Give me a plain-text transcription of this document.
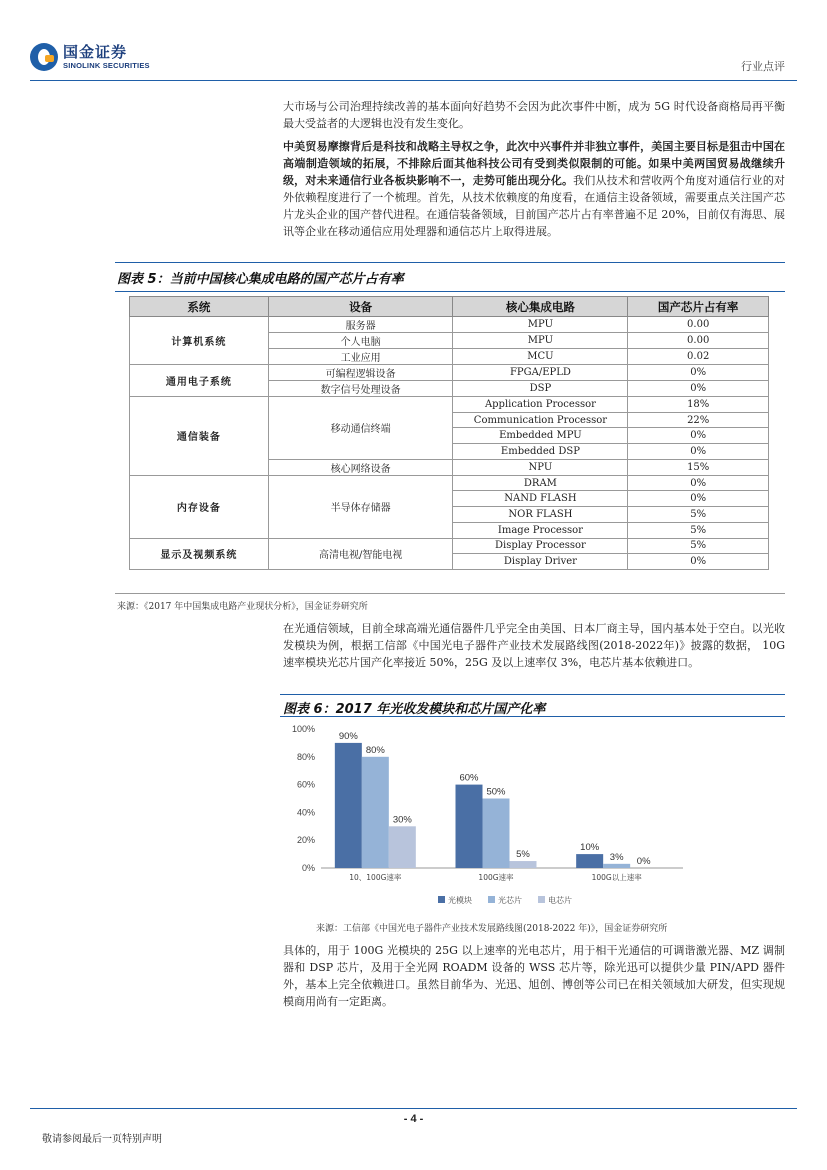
国金证券
SINOLINK SECURITIES	行业点评

大市场与公司治理持续改善的基本面向好趋势不会因为此次事件中断，成为 5G 时代设备商格局再平衡最大受益者的大逻辑也没有发生变化。

中美贸易摩擦背后是科技和战略主导权之争，此次中兴事件并非独立事件，美国主要目标是狙击中国在高端制造领域的拓展，不排除后面其他科技公司有受到类似限制的可能。如果中美两国贸易战继续升级，对未来通信行业各板块影响不一，走势可能出现分化。我们从技术和营收两个角度对通信行业的对外依赖程度进行了一个梳理。首先，从技术依赖度的角度看，在通信主设备领域，需要重点关注国产芯片龙头企业的国产替代进程。在通信装备领域，目前国产芯片占有率普遍不足 20%，目前仅有海思、展讯等企业在移动通信应用处理器和通信芯片上取得进展。

图表 5：当前中国核心集成电路的国产芯片占有率
系统	设备	核心集成电路	国产芯片占有率
计算机系统	服务器	MPU	0.00
	个人电脑	MPU	0.00
	工业应用	MCU	0.02
通用电子系统	可编程逻辑设备	FPGA/EPLD	0%
	数字信号处理设备	DSP	0%
通信装备	移动通信终端	Application Processor	18%
		Communication Processor	22%
		Embedded MPU	0%
		Embedded DSP	0%
	核心网络设备	NPU	15%
内存设备	半导体存储器	DRAM	0%
		NAND FLASH	0%
		NOR FLASH	5%
		Image Processor	5%
显示及视频系统	高清电视/智能电视	Display Processor	5%
		Display Driver	0%
来源：《2017 年中国集成电路产业现状分析》，国金证券研究所

在光通信领域，目前全球高端光通信器件几乎完全由美国、日本厂商主导，国内基本处于空白。以光收发模块为例，根据工信部《中国光电子器件产业技术发展路线图(2018-2022年)》披露的数据， 10G 速率模块光芯片国产化率接近 50%，25G 及以上速率仅 3%，电芯片基本依赖进口。

图表 6：2017 年光收发模块和芯片国产化率
0%
20%
40%
60%
80%
100%
90%
80%
30%
10、100G速率
60%
50%
5%
100G速率
10%
3% 0%
100G以上速率
光模块	光芯片	电芯片
来源：工信部《中国光电子器件产业技术发展路线图(2018-2022 年)》，国金证券研究所

具体的，用于 100G 光模块的 25G 以上速率的光电芯片，用于相干光通信的可调谐激光器、MZ 调制器和 DSP 芯片，及用于全光网 ROADM 设备的 WSS 芯片等，除光迅可以提供少量 PIN/APD 器件外，基本上完全依赖进口。虽然目前华为、光迅、旭创、博创等公司已在相关领域加大研发，但实现规模商用尚有一定距离。

- 4 -
敬请参阅最后一页特别声明
